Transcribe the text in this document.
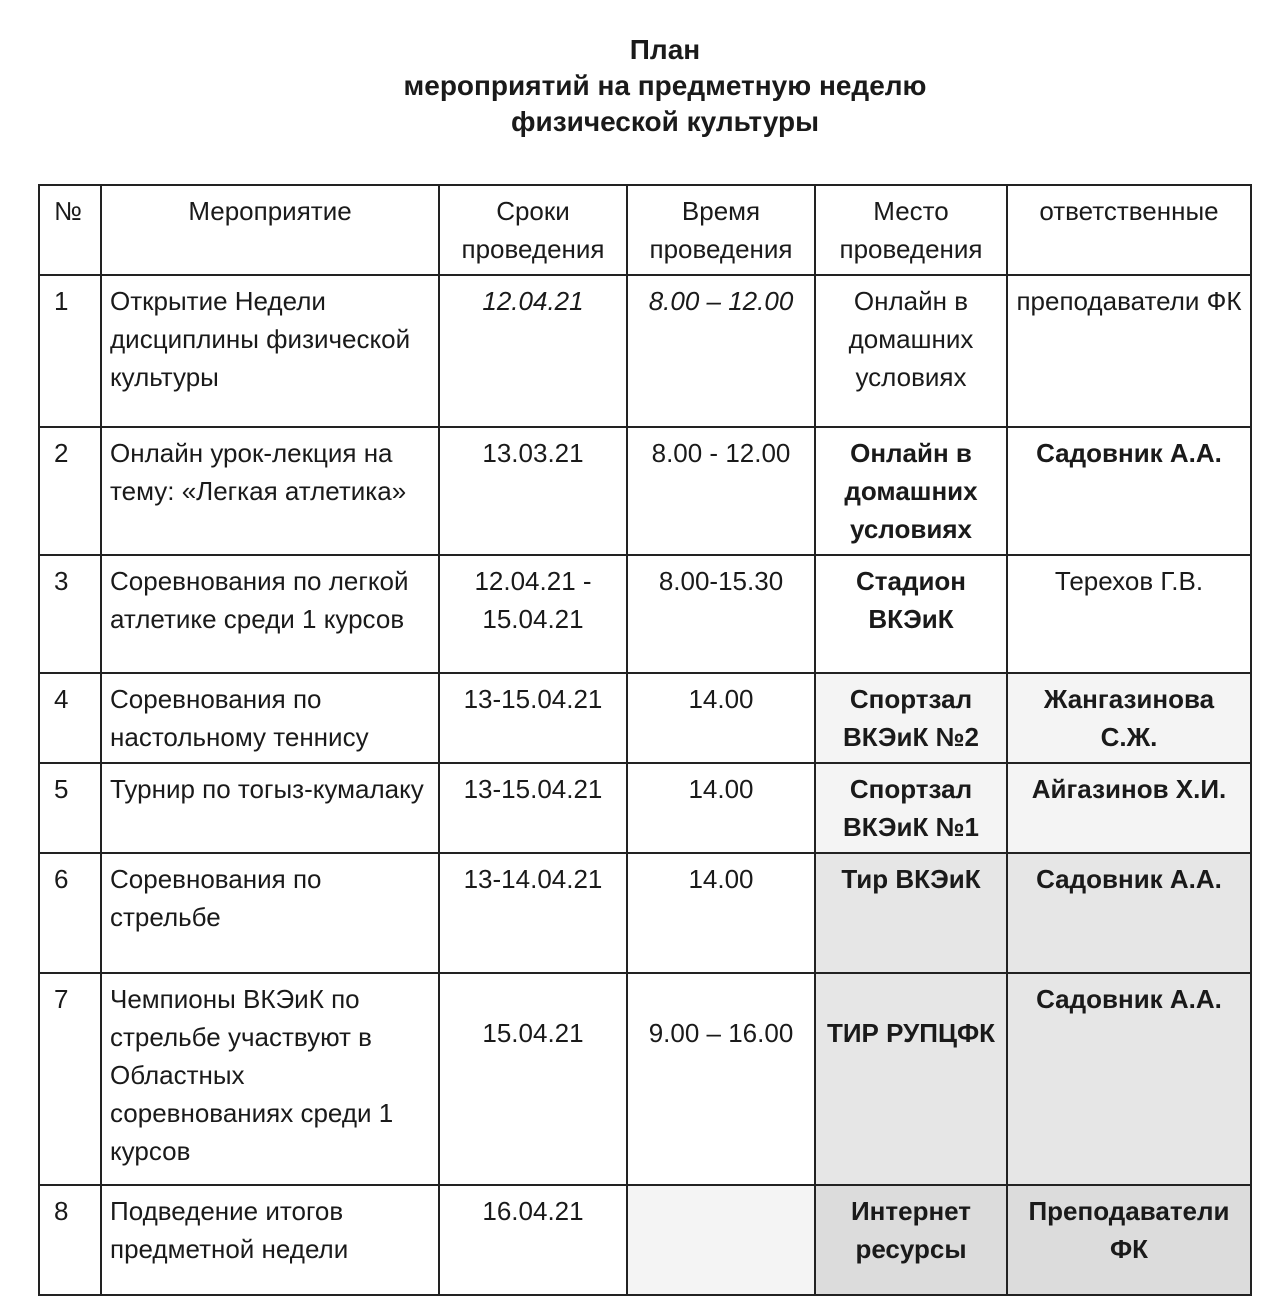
План
мероприятий на предметную неделю
физической культуры
№	Мероприятие	Сроки проведения	Время проведения	Место проведения	ответственные
1	Открытие Недели дисциплины физической культуры	12.04.21	8.00 – 12.00	Онлайн в домашних условиях	преподаватели ФК
2	Онлайн урок-лекция на тему: «Легкая атлетика»	13.03.21	8.00 - 12.00	Онлайн в домашних условиях	Садовник А.А.
3	Соревнования по легкой атлетике среди 1 курсов	12.04.21 - 15.04.21	8.00-15.30	Стадион ВКЭиК	Терехов Г.В.
4	Соревнования по настольному теннису	13-15.04.21	14.00	Спортзал ВКЭиК №2	Жангазинова С.Ж.
5	Турнир по тогыз-кумалаку	13-15.04.21	14.00	Спортзал ВКЭиК №1	Айгазинов Х.И.
6	Соревнования по стрельбе	13-14.04.21	14.00	Тир ВКЭиК	Садовник А.А.
7	Чемпионы ВКЭиК по стрельбе участвуют в Областных соревнованиях среди 1 курсов	15.04.21	9.00 – 16.00	ТИР РУПЦФК	Садовник А.А.
8	Подведение итогов предметной недели	16.04.21		Интернет ресурсы	Преподаватели ФК
